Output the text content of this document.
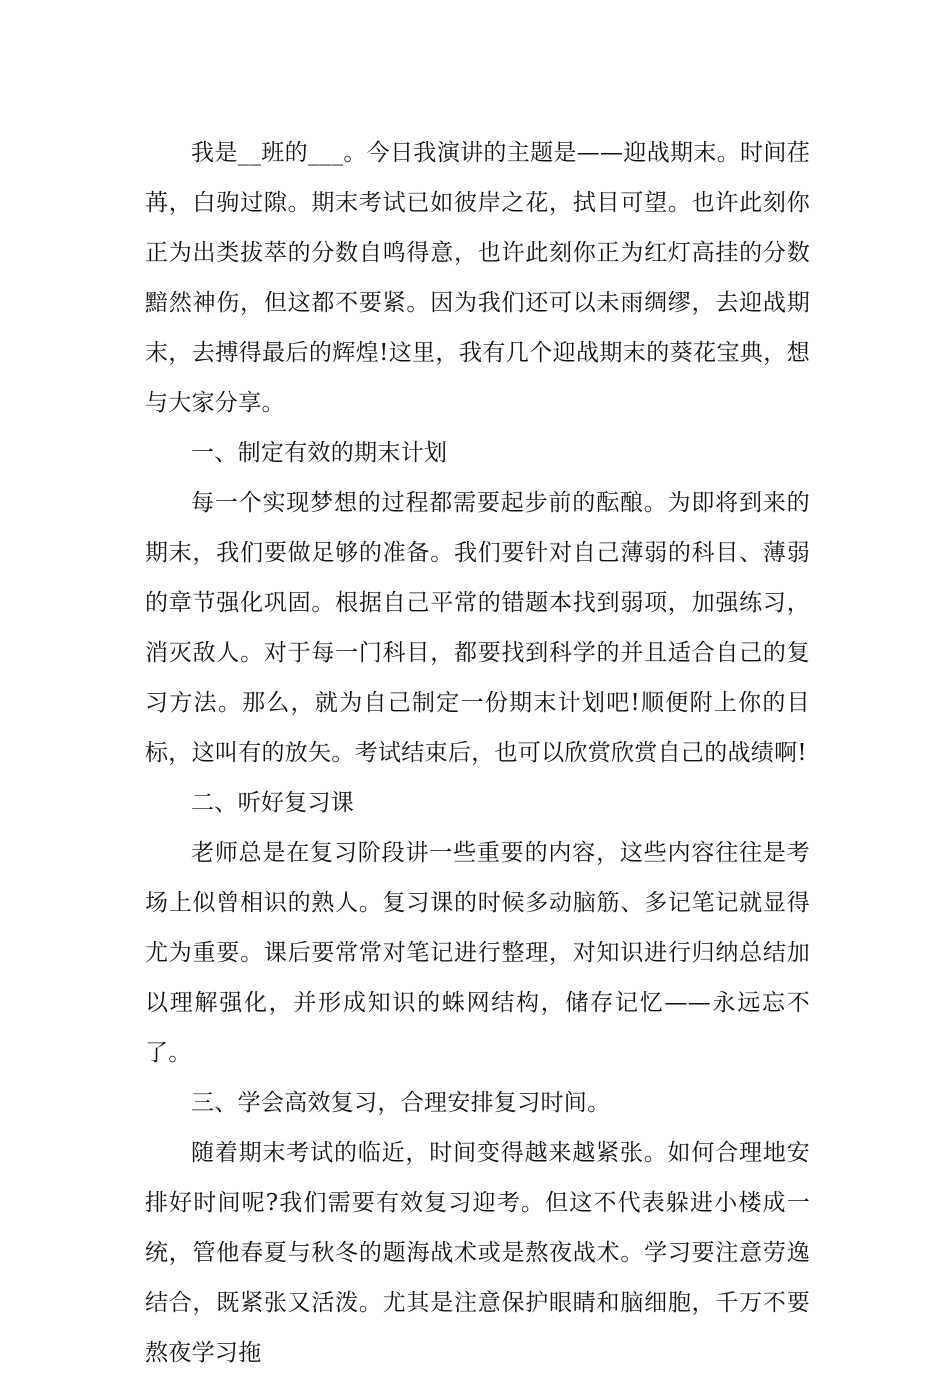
我是__班的___。今日我演讲的主题是——迎战期末。时间荏苒，白驹过隙。期末考试已如彼岸之花，拭目可望。也许此刻你正为出类拔萃的分数自鸣得意，也许此刻你正为红灯高挂的分数黯然神伤，但这都不要紧。因为我们还可以未雨绸缪，去迎战期末，去搏得最后的辉煌!这里，我有几个迎战期末的葵花宝典，想与大家分享。

一、制定有效的期末计划

每一个实现梦想的过程都需要起步前的酝酿。为即将到来的期末，我们要做足够的准备。我们要针对自己薄弱的科目、薄弱的章节强化巩固。根据自己平常的错题本找到弱项，加强练习，消灭敌人。对于每一门科目，都要找到科学的并且适合自己的复习方法。那么，就为自己制定一份期末计划吧!顺便附上你的目标，这叫有的放矢。考试结束后，也可以欣赏欣赏自己的战绩啊!

二、听好复习课

老师总是在复习阶段讲一些重要的内容，这些内容往往是考场上似曾相识的熟人。复习课的时候多动脑筋、多记笔记就显得尤为重要。课后要常常对笔记进行整理，对知识进行归纳总结加以理解强化，并形成知识的蛛网结构，储存记忆——永远忘不了。

三、学会高效复习，合理安排复习时间。

随着期末考试的临近，时间变得越来越紧张。如何合理地安排好时间呢?我们需要有效复习迎考。但这不代表躲进小楼成一统，管他春夏与秋冬的题海战术或是熬夜战术。学习要注意劳逸结合，既紧张又活泼。尤其是注意保护眼睛和脑细胞，千万不要熬夜学习拖
